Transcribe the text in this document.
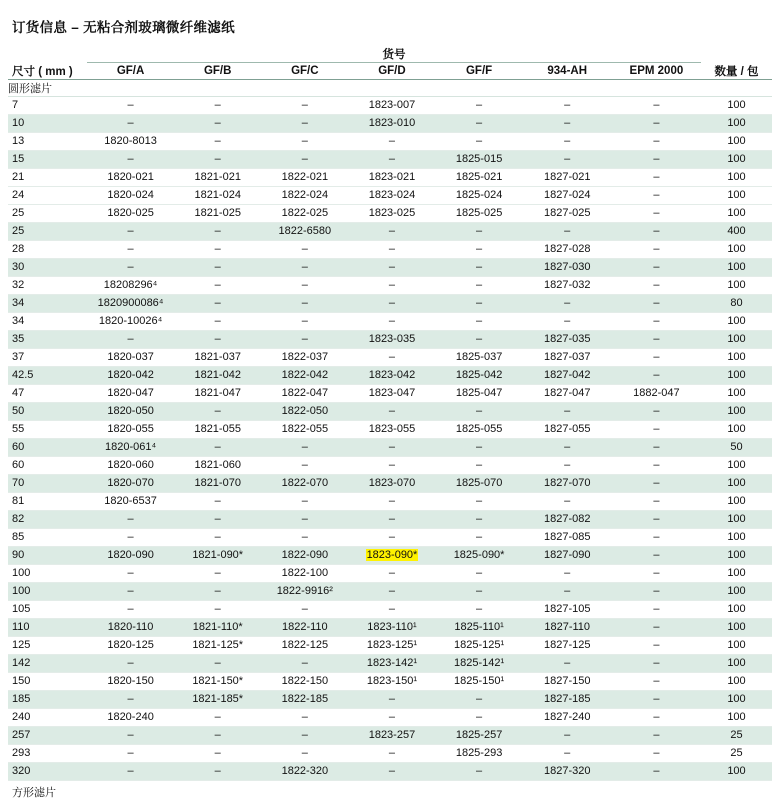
订货信息 – 无粘合剂玻璃微纤维滤纸
	货号							
尺寸 ( mm )	GF/A	GF/B	GF/C	GF/D	GF/F	934-AH	EPM 2000	数量 / 包
圆形滤片								
7	–	–	–	1823-007	–	–	–	100
10	–	–	–	1823-010	–	–	–	100
13	1820-8013	–	–	–	–	–	–	100
15	–	–	–	–	1825-015	–	–	100
21	1820-021	1821-021	1822-021	1823-021	1825-021	1827-021	–	100
24	1820-024	1821-024	1822-024	1823-024	1825-024	1827-024	–	100
25	1820-025	1821-025	1822-025	1823-025	1825-025	1827-025	–	100
25	–	–	1822-6580	–	–	–	–	400
28	–	–	–	–	–	1827-028	–	100
30	–	–	–	–	–	1827-030	–	100
32	18208296⁴	–	–	–	–	1827-032	–	100
34	1820900086⁴	–	–	–	–	–	–	80
34	1820-10026⁴	–	–	–	–	–	–	100
35	–	–	–	1823-035	–	1827-035	–	100
37	1820-037	1821-037	1822-037	–	1825-037	1827-037	–	100
42.5	1820-042	1821-042	1822-042	1823-042	1825-042	1827-042	–	100
47	1820-047	1821-047	1822-047	1823-047	1825-047	1827-047	1882-047	100
50	1820-050	–	1822-050	–	–	–	–	100
55	1820-055	1821-055	1822-055	1823-055	1825-055	1827-055	–	100
60	1820-061⁴	–	–	–	–	–	–	50
60	1820-060	1821-060	–	–	–	–	–	100
70	1820-070	1821-070	1822-070	1823-070	1825-070	1827-070	–	100
81	1820-6537	–	–	–	–	–	–	100
82	–	–	–	–	–	1827-082	–	100
85	–	–	–	–	–	1827-085	–	100
90	1820-090	1821-090*	1822-090	1823-090*	1825-090*	1827-090	–	100
100	–	–	1822-100	–	–	–	–	100
100	–	–	1822-9916²	–	–	–	–	100
105	–	–	–	–	–	1827-105	–	100
110	1820-110	1821-110*	1822-110	1823-110¹	1825-110¹	1827-110	–	100
125	1820-125	1821-125*	1822-125	1823-125¹	1825-125¹	1827-125	–	100
142	–	–	–	1823-142¹	1825-142¹	–	–	100
150	1820-150	1821-150*	1822-150	1823-150¹	1825-150¹	1827-150	–	100
185	–	1821-185*	1822-185	–	–	1827-185	–	100
240	1820-240	–	–	–	–	1827-240	–	100
257	–	–	–	1823-257	1825-257	–	–	25
293	–	–	–	–	1825-293	–	–	25
320	–	–	1822-320	–	–	1827-320	–	100
方形滤片
